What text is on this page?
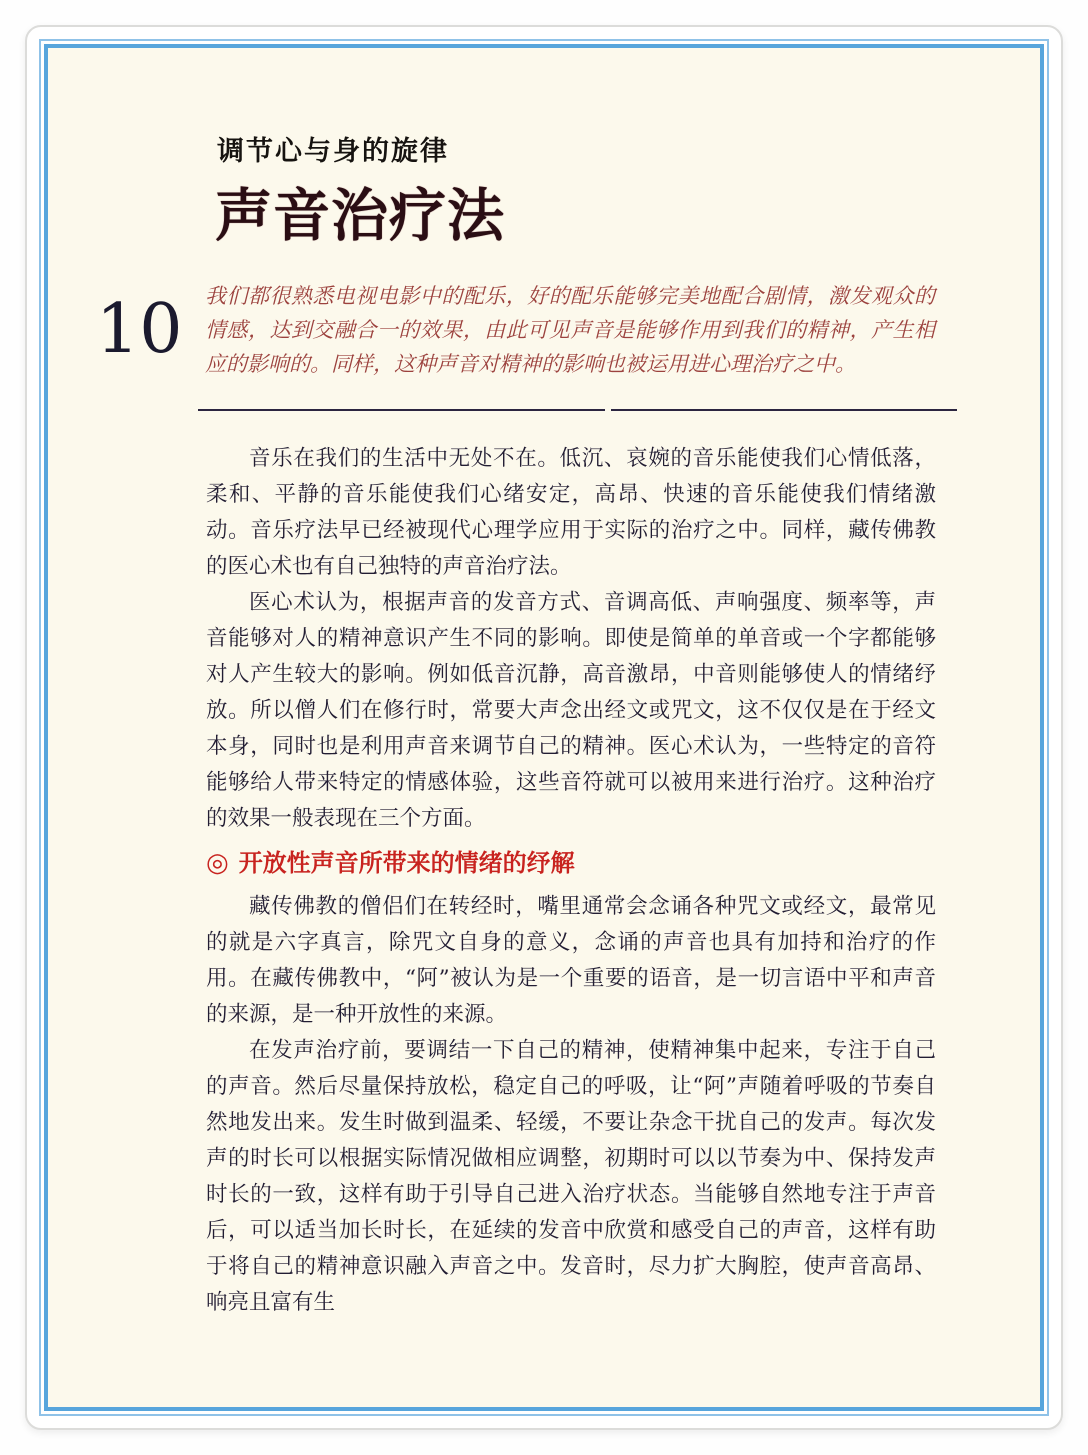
10
调节心与身的旋律
声音治疗法
我们都很熟悉电视电影中的配乐，好的配乐能够完美地配合剧情，激发观众的情感，达到交融合一的效果，由此可见声音是能够作用到我们的精神，产生相应的影响的。同样，这种声音对精神的影响也被运用进心理治疗之中。

音乐在我们的生活中无处不在。低沉、哀婉的音乐能使我们心情低落，柔和、平静的音乐能使我们心绪安定，高昂、快速的音乐能使我们情绪激动。音乐疗法早已经被现代心理学应用于实际的治疗之中。同样，藏传佛教的医心术也有自己独特的声音治疗法。

医心术认为，根据声音的发音方式、音调高低、声响强度、频率等，声音能够对人的精神意识产生不同的影响。即使是简单的单音或一个字都能够对人产生较大的影响。例如低音沉静，高音激昂，中音则能够使人的情绪纾放。所以僧人们在修行时，常要大声念出经文或咒文，这不仅仅是在于经文本身，同时也是利用声音来调节自己的精神。医心术认为，一些特定的音符能够给人带来特定的情感体验，这些音符就可以被用来进行治疗。这种治疗的效果一般表现在三个方面。

◎ 开放性声音所带来的情绪的纾解

藏传佛教的僧侣们在转经时，嘴里通常会念诵各种咒文或经文，最常见的就是六字真言，除咒文自身的意义，念诵的声音也具有加持和治疗的作用。在藏传佛教中，“阿”被认为是一个重要的语音，是一切言语中平和声音的来源，是一种开放性的来源。

在发声治疗前，要调结一下自己的精神，使精神集中起来，专注于自己的声音。然后尽量保持放松，稳定自己的呼吸，让“阿”声随着呼吸的节奏自然地发出来。发生时做到温柔、轻缓，不要让杂念干扰自己的发声。每次发声的时长可以根据实际情况做相应调整，初期时可以以节奏为中、保持发声时长的一致，这样有助于引导自己进入治疗状态。当能够自然地专注于声音后，可以适当加长时长，在延续的发音中欣赏和感受自己的声音，这样有助于将自己的精神意识融入声音之中。发音时，尽力扩大胸腔，使声音高昂、响亮且富有生
